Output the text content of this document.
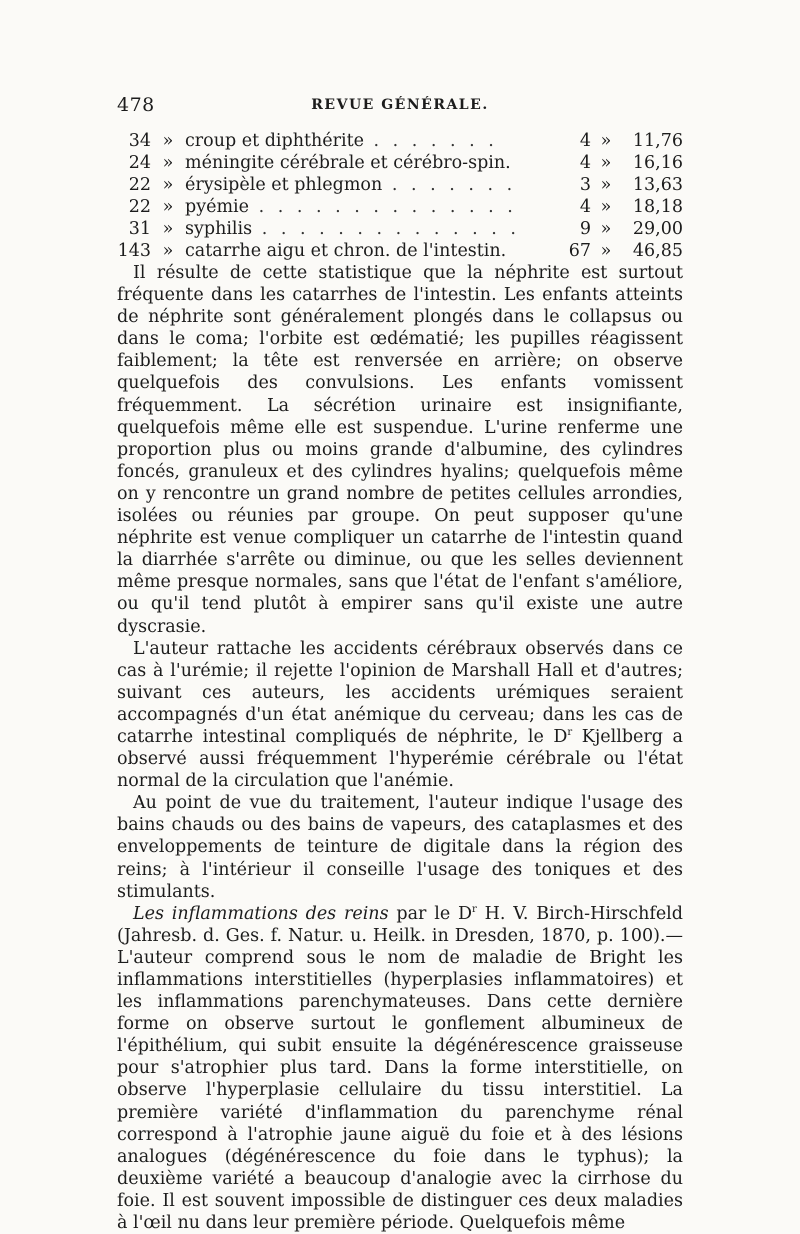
478	REVUE GÉNÉRALE.
34	»	croup et diphthérite . . . . . . .	4	»	11,76
24	»	méningite cérébrale et cérébro-spin.	4	»	16,16
22	»	érysipèle et phlegmon . . . . . . .	3	»	13,63
22	»	pyémie . . . . . . . . . . . . . .	4	»	18,18
31	»	syphilis . . . . . . . . . . . . . .	9	»	29,00
143	»	catarrhe aigu et chron. de l'intestin.	67	»	46,85

Il résulte de cette statistique que la néphrite est surtout fréquente dans les catarrhes de l'intestin. Les enfants atteints de néphrite sont généralement plongés dans le collapsus ou dans le coma; l'orbite est œdématié; les pupilles réagissent faiblement; la tête est renversée en arrière; on observe quelquefois des convulsions. Les enfants vomissent fréquemment. La sécrétion urinaire est insignifiante, quelquefois même elle est suspendue. L'urine renferme une proportion plus ou moins grande d'albumine, des cylindres foncés, granuleux et des cylindres hyalins; quelquefois même on y rencontre un grand nombre de petites cellules arrondies, isolées ou réunies par groupe. On peut supposer qu'une néphrite est venue compliquer un catarrhe de l'intestin quand la diarrhée s'arrête ou diminue, ou que les selles deviennent même presque normales, sans que l'état de l'enfant s'améliore, ou qu'il tend plutôt à empirer sans qu'il existe une autre dyscrasie.

L'auteur rattache les accidents cérébraux observés dans ce cas à l'urémie; il rejette l'opinion de Marshall Hall et d'autres; suivant ces auteurs, les accidents urémiques seraient accompagnés d'un état anémique du cerveau; dans les cas de catarrhe intestinal compliqués de néphrite, le $D^r$ Kjellberg a observé aussi fréquemment l'hyperémie cérébrale ou l'état normal de la circulation que l'anémie.

Au point de vue du traitement, l'auteur indique l'usage des bains chauds ou des bains de vapeurs, des cataplasmes et des enveloppements de teinture de digitale dans la région des reins; à l'intérieur il conseille l'usage des toniques et des stimulants.

Les inflammations des reins par le $D^r$ H. V. Birch-Hirschfeld (Jahresb. d. Ges. f. Natur. u. Heilk. in Dresden, 1870, p. 100).—L'auteur comprend sous le nom de maladie de Bright les inflammations interstitielles (hyperplasies inflammatoires) et les inflammations parenchymateuses. Dans cette dernière forme on observe surtout le gonflement albumineux de l'épithélium, qui subit ensuite la dégénérescence graisseuse pour s'atrophier plus tard. Dans la forme interstitielle, on observe l'hyperplasie cellulaire du tissu interstitiel. La première variété d'inflammation du parenchyme rénal correspond à l'atrophie jaune aiguë du foie et à des lésions analogues (dégénérescence du foie dans le typhus); la deuxième variété a beaucoup d'analogie avec la cirrhose du foie. Il est souvent impossible de distinguer ces deux maladies à l'œil nu dans leur première période. Quelquefois même
